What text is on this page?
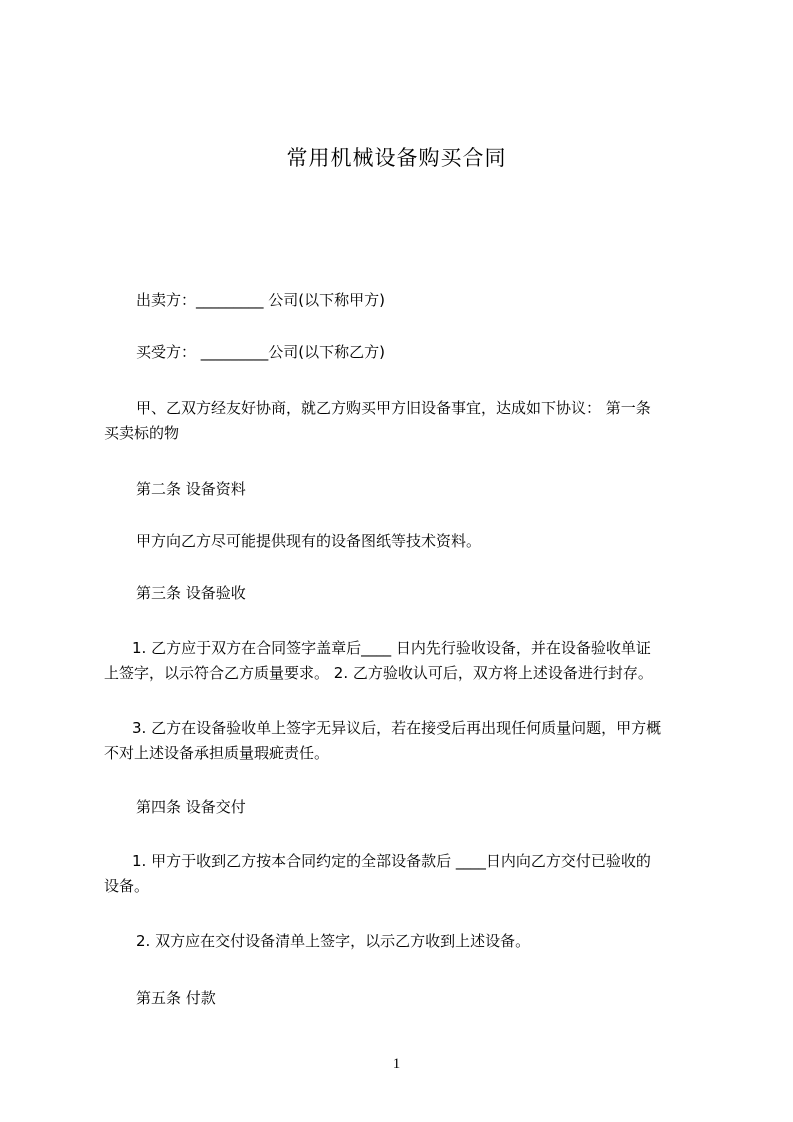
常用机械设备购买合同

出卖方：_________ 公司(以下称甲方)

买受方： _________公司(以下称乙方)

甲、乙双方经友好协商，就乙方购买甲方旧设备事宜，达成如下协议： 第一条
买卖标的物

第二条 设备资料

甲方向乙方尽可能提供现有的设备图纸等技术资料。

第三条 设备验收

1. 乙方应于双方在合同签字盖章后____ 日内先行验收设备，并在设备验收单证
上签字，以示符合乙方质量要求。 2. 乙方验收认可后，双方将上述设备进行封存。
3. 乙方在设备验收单上签字无异议后，若在接受后再出现任何质量问题，甲方概
不对上述设备承担质量瑕疵责任。

第四条 设备交付

1. 甲方于收到乙方按本合同约定的全部设备款后 ____日内向乙方交付已验收的
设备。

2. 双方应在交付设备清单上签字，以示乙方收到上述设备。

第五条 付款

1
